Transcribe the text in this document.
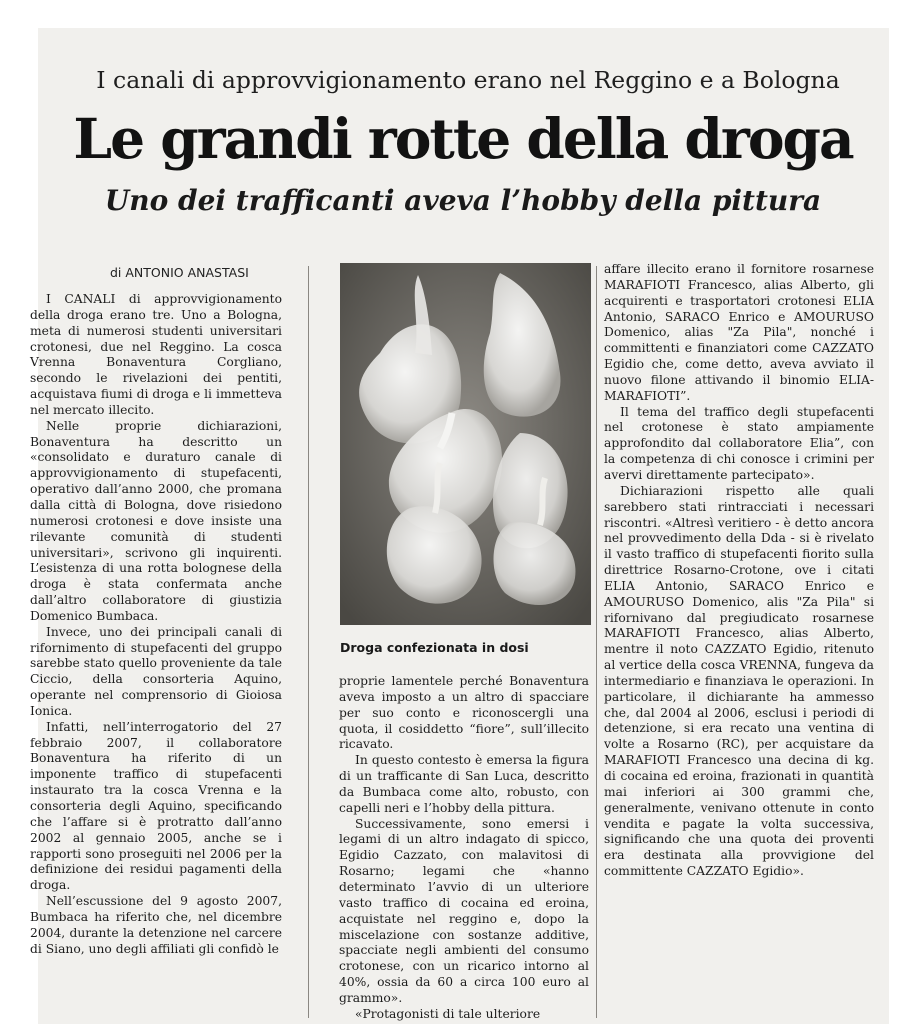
I canali di approvvigionamento erano nel Reggino e a Bologna
Le grandi rotte della droga
Uno dei trafficanti aveva l’hobby della pittura
di ANTONIO ANASTASI

I CANALI di approvvigionamento della droga erano tre. Uno a Bologna, meta di numerosi studenti universitari crotonesi, due nel Reggino. La cosca Vrenna Bonaventura Corgliano, secondo le rivelazioni dei pentiti, acquistava fiumi di droga e li immetteva nel mercato illecito.

Nelle proprie dichiarazioni, Bonaventura ha descritto un «consolidato e duraturo canale di approvvigionamento di stupefacenti, operativo dall’anno 2000, che promana dalla città di Bologna, dove risiedono numerosi crotonesi e dove insiste una rilevante comunità di studenti universitari», scrivono gli inquirenti. L’esistenza di una rotta bolognese della droga è stata confermata anche dall’altro collaboratore di giustizia Domenico Bumbaca.

Invece, uno dei principali canali di rifornimento di stupefacenti del gruppo sarebbe stato quello proveniente da tale Ciccio, della consorteria Aquino, operante nel comprensorio di Gioiosa Ionica.

Infatti, nell’interrogatorio del 27 febbraio 2007, il collaboratore Bonaventura ha riferito di un imponente traffico di stupefacenti instaurato tra la cosca Vrenna e la consorteria degli Aquino, specificando che l’affare si è protratto dall’anno 2002 al gennaio 2005, anche se i rapporti sono proseguiti nel 2006 per la definizione dei residui pagamenti della droga.

Nell’escussione del 9 agosto 2007, Bumbaca ha riferito che, nel dicembre 2004, durante la detenzione nel carcere di Siano, uno degli affiliati gli confidò le

Droga confezionata in dosi

proprie lamentele perché Bonaventura aveva imposto a un altro di spacciare per suo conto e riconoscergli una quota, il cosiddetto “fiore”, sull’illecito ricavato.

In questo contesto è emersa la figura di un trafficante di San Luca, descritto da Bumbaca come alto, robusto, con capelli neri e l’hobby della pittura.

Successivamente, sono emersi i legami di un altro indagato di spicco, Egidio Cazzato, con malavitosi di Rosarno; legami che «hanno determinato l’avvio di un ulteriore vasto traffico di cocaina ed eroina, acquistate nel reggino e, dopo la miscelazione con sostanze additive, spacciate negli ambienti del consumo crotonese, con un ricarico intorno al 40%, ossia da 60 a circa 100 euro al grammo».

«Protagonisti di tale ulteriore

affare illecito erano il fornitore rosarnese MARAFIOTI Francesco, alias Alberto, gli acquirenti e trasportatori crotonesi ELIA Antonio, SARACO Enrico e AMOURUSO Domenico, alias "Za Pila", nonché i committenti e finanziatori come CAZZATO Egidio che, come detto, aveva avviato il nuovo filone attivando il binomio ELIA-MARAFIOTI”.

Il tema del traffico degli stupefacenti nel crotonese è stato ampiamente approfondito dal collaboratore Elia”, con la competenza di chi conosce i crimini per avervi direttamente partecipato».

Dichiarazioni rispetto alle quali sarebbero stati rintracciati i necessari riscontri. «Altresì veritiero - è detto ancora nel provvedimento della Dda - si è rivelato il vasto traffico di stupefacenti fiorito sulla direttrice Rosarno-Crotone, ove i citati ELIA Antonio, SARACO Enrico e AMOURUSO Domenico, alis "Za Pila" si rifornivano dal pregiudicato rosarnese MARAFIOTI Francesco, alias Alberto, mentre il noto CAZZATO Egidio, ritenuto al vertice della cosca VRENNA, fungeva da intermediario e finanziava le operazioni. In particolare, il dichiarante ha ammesso che, dal 2004 al 2006, esclusi i periodi di detenzione, si era recato una ventina di volte a Rosarno (RC), per acquistare da MARAFIOTI Francesco una decina di kg. di cocaina ed eroina, frazionati in quantità mai inferiori ai 300 grammi che, generalmente, venivano ottenute in conto vendita e pagate la volta successiva, significando che una quota dei proventi era destinata alla provvigione del committente CAZZATO Egidio».
